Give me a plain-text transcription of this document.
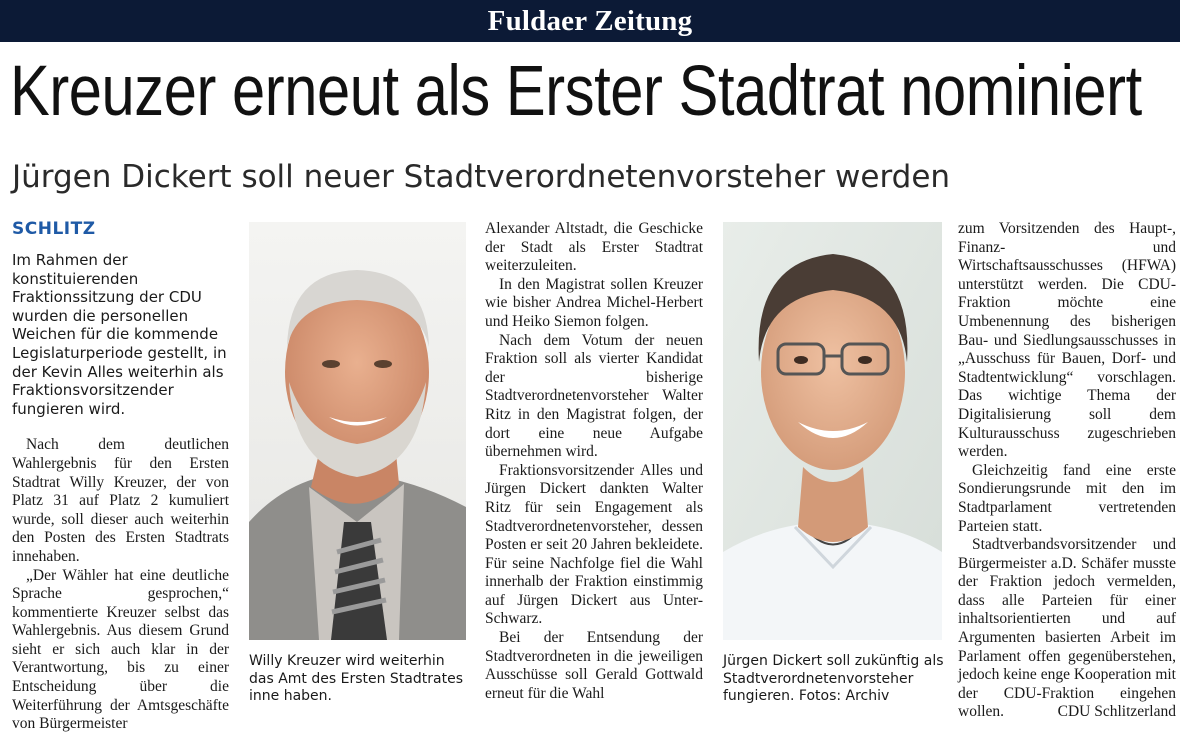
Fuldaer Zeitung
Kreuzer erneut als Erster Stadtrat nominiert
Jürgen Dickert soll neuer Stadtverordnetenvorsteher werden
SCHLITZ

Im Rahmen der konstituierenden Fraktionssitzung der CDU wurden die personellen Weichen für die kommende Legislaturperiode gestellt, in der Kevin Alles weiterhin als Fraktionsvorsitzender fungieren wird.

Nach dem deutlichen Wahlergebnis für den Ersten Stadtrat Willy Kreuzer, der von Platz 31 auf Platz 2 kumuliert wurde, soll dieser auch weiterhin den Posten des Ersten Stadtrats innehaben.

„Der Wähler hat eine deutliche Sprache gesprochen,“ kommentierte Kreuzer selbst das Wahlergebnis. Aus diesem Grund sieht er sich auch klar in der Verantwortung, bis zu einer Entscheidung über die Weiterführung der Amtsgeschäfte von Bürgermeister

Willy Kreuzer wird weiterhin das Amt des Ersten Stadtrates inne haben.

Alexander Altstadt, die Geschicke der Stadt als Erster Stadtrat weiterzuleiten.

In den Magistrat sollen Kreuzer wie bisher Andrea Michel-Herbert und Heiko Siemon folgen.

Nach dem Votum der neuen Fraktion soll als vierter Kandidat der bisherige Stadtverordnetenvorsteher Walter Ritz in den Magistrat folgen, der dort eine neue Aufgabe übernehmen wird.

Fraktionsvorsitzender Alles und Jürgen Dickert dankten Walter Ritz für sein Engagement als Stadtverordnetenvorsteher, dessen Posten er seit 20 Jahren bekleidete. Für seine Nachfolge fiel die Wahl innerhalb der Fraktion einstimmig auf Jürgen Dickert aus Unter-Schwarz.

Bei der Entsendung der Stadtverordneten in die jeweiligen Ausschüsse soll Gerald Gottwald erneut für die Wahl

Jürgen Dickert soll zukünftig als Stadtverordnetenvorsteher fungieren. Fotos: Archiv

zum Vorsitzenden des Haupt-, Finanz- und Wirtschaftsausschusses (HFWA) unterstützt werden. Die CDU-Fraktion möchte eine Umbenennung des bisherigen Bau- und Siedlungsausschusses in „Ausschuss für Bauen, Dorf- und Stadtentwicklung“ vorschlagen. Das wichtige Thema der Digitalisierung soll dem Kulturausschuss zugeschrieben werden.

Gleichzeitig fand eine erste Sondierungsrunde mit den im Stadtparlament vertretenden Parteien statt.

Stadtverbandsvorsitzender und Bürgermeister a.D. Schäfer musste der Fraktion jedoch vermelden, dass alle Parteien für einer inhaltsorientierten und auf Argumenten basierten Arbeit im Parlament offen gegenüberstehen, jedoch keine enge Kooperation mit der CDU-Fraktion eingehen wollen.	CDU Schlitzerland
